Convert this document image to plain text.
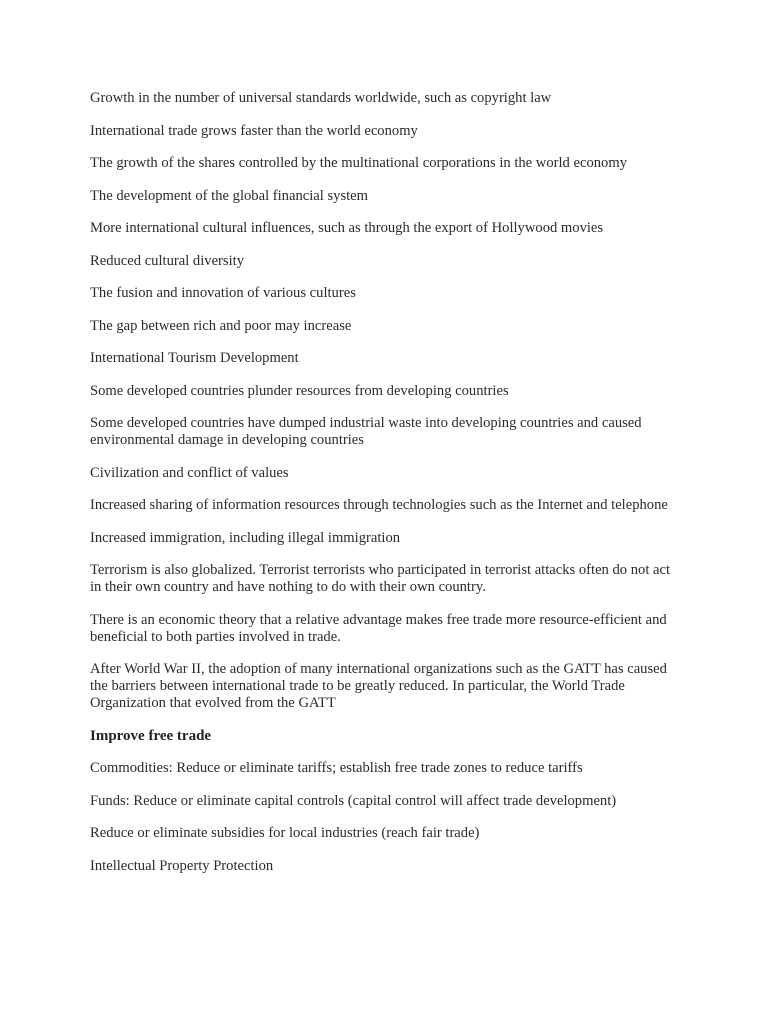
Growth in the number of universal standards worldwide, such as copyright law

International trade grows faster than the world economy

The growth of the shares controlled by the multinational corporations in the world economy

The development of the global financial system

More international cultural influences, such as through the export of Hollywood movies

Reduced cultural diversity

The fusion and innovation of various cultures

The gap between rich and poor may increase

International Tourism Development

Some developed countries plunder resources from developing countries

Some developed countries have dumped industrial waste into developing countries and caused environmental damage in developing countries

Civilization and conflict of values

Increased sharing of information resources through technologies such as the Internet and telephone

Increased immigration, including illegal immigration

Terrorism is also globalized. Terrorist terrorists who participated in terrorist attacks often do not act in their own country and have nothing to do with their own country.

There is an economic theory that a relative advantage makes free trade more resource-efficient and beneficial to both parties involved in trade.

After World War II, the adoption of many international organizations such as the GATT has caused the barriers between international trade to be greatly reduced. In particular, the World Trade Organization that evolved from the GATT

Improve free trade

Commodities: Reduce or eliminate tariffs; establish free trade zones to reduce tariffs

Funds: Reduce or eliminate capital controls (capital control will affect trade development)

Reduce or eliminate subsidies for local industries (reach fair trade)

Intellectual Property Protection
